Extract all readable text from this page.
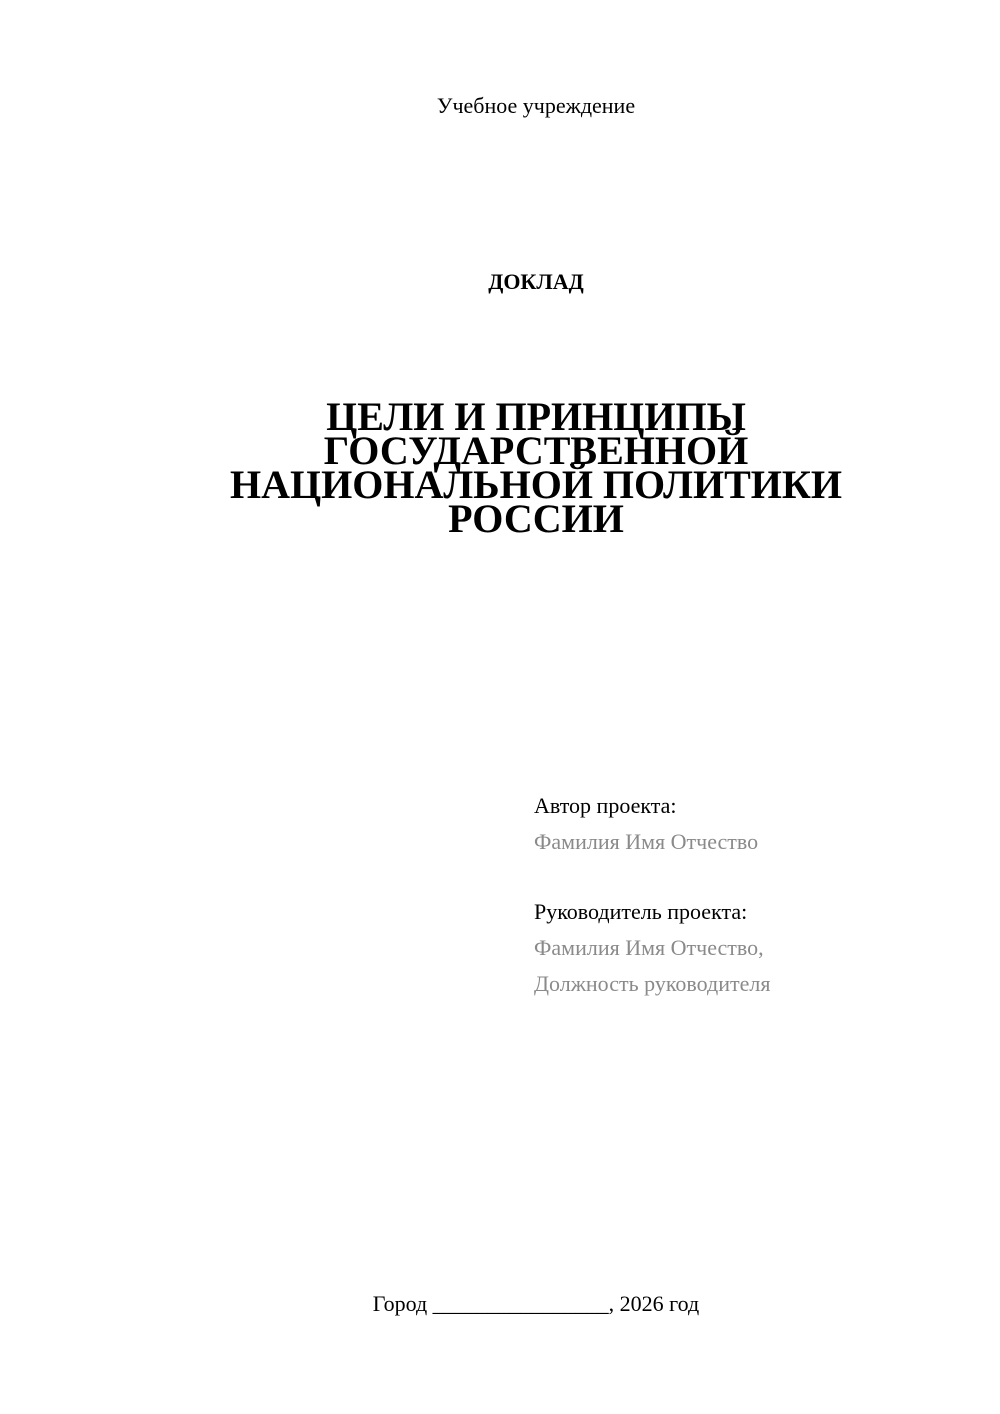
Учебное учреждение
ДОКЛАД
ЦЕЛИ И ПРИНЦИПЫ
ГОСУДАРСТВЕННОЙ
НАЦИОНАЛЬНОЙ ПОЛИТИКИ
РОССИИ
Автор проекта:
Фамилия Имя Отчество
Руководитель проекта:
Фамилия Имя Отчество,
Должность руководителя
Город ________________, 2026 год
